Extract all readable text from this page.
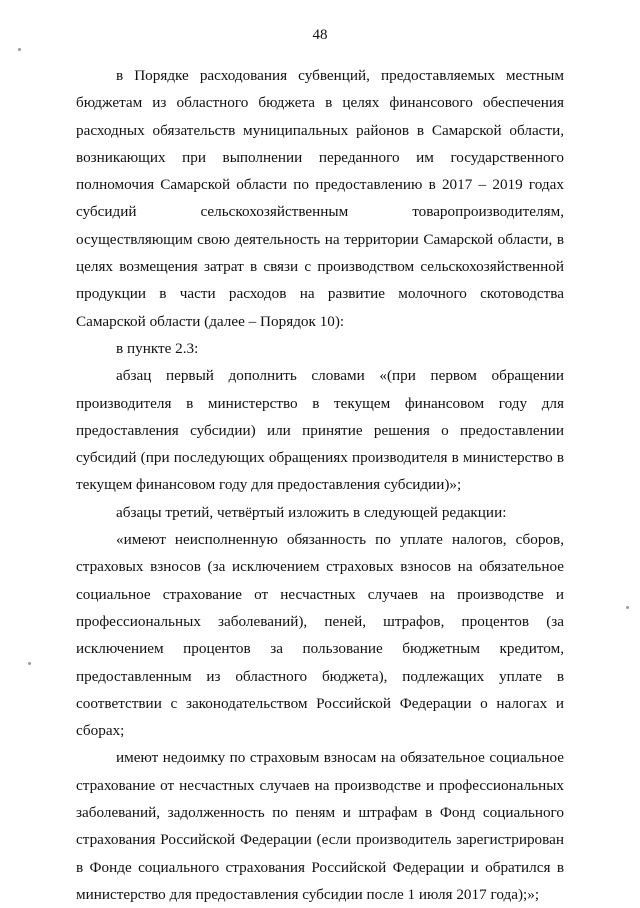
48

в Порядке расходования субвенций, предоставляемых местным бюджетам из областного бюджета в целях финансового обеспечения расходных обязательств муниципальных районов в Самарской области, возникающих при выполнении переданного им государственного полномочия Самарской области по предоставлению в 2017 – 2019 годах субсидий сельскохозяйственным товаропроизводителям, осуществляющим свою деятельность на территории Самарской области, в целях возмещения затрат в связи с производством сельскохозяйственной продукции в части расходов на развитие молочного скотоводства Самарской области (далее – Порядок 10):

в пункте 2.3:

абзац первый дополнить словами «(при первом обращении производителя в министерство в текущем финансовом году для предоставления субсидии) или принятие решения о предоставлении субсидий (при последующих обращениях производителя в министерство в текущем финансовом году для предоставления субсидии)»;

абзацы третий, четвёртый изложить в следующей редакции:

«имеют неисполненную обязанность по уплате налогов, сборов, страховых взносов (за исключением страховых взносов на обязательное социальное страхование от несчастных случаев на производстве и профессиональных заболеваний), пеней, штрафов, процентов (за исключением процентов за пользование бюджетным кредитом, предоставленным из областного бюджета), подлежащих уплате в соответствии с законодательством Российской Федерации о налогах и сборах;

имеют недоимку по страховым взносам на обязательное социальное страхование от несчастных случаев на производстве и профессиональных заболеваний, задолженность по пеням и штрафам в Фонд социального страхования Российской Федерации (если производитель зарегистрирован в Фонде социального страхования Российской Федерации и обратился в министерство для предоставления субсидии после 1 июля 2017 года);»;
